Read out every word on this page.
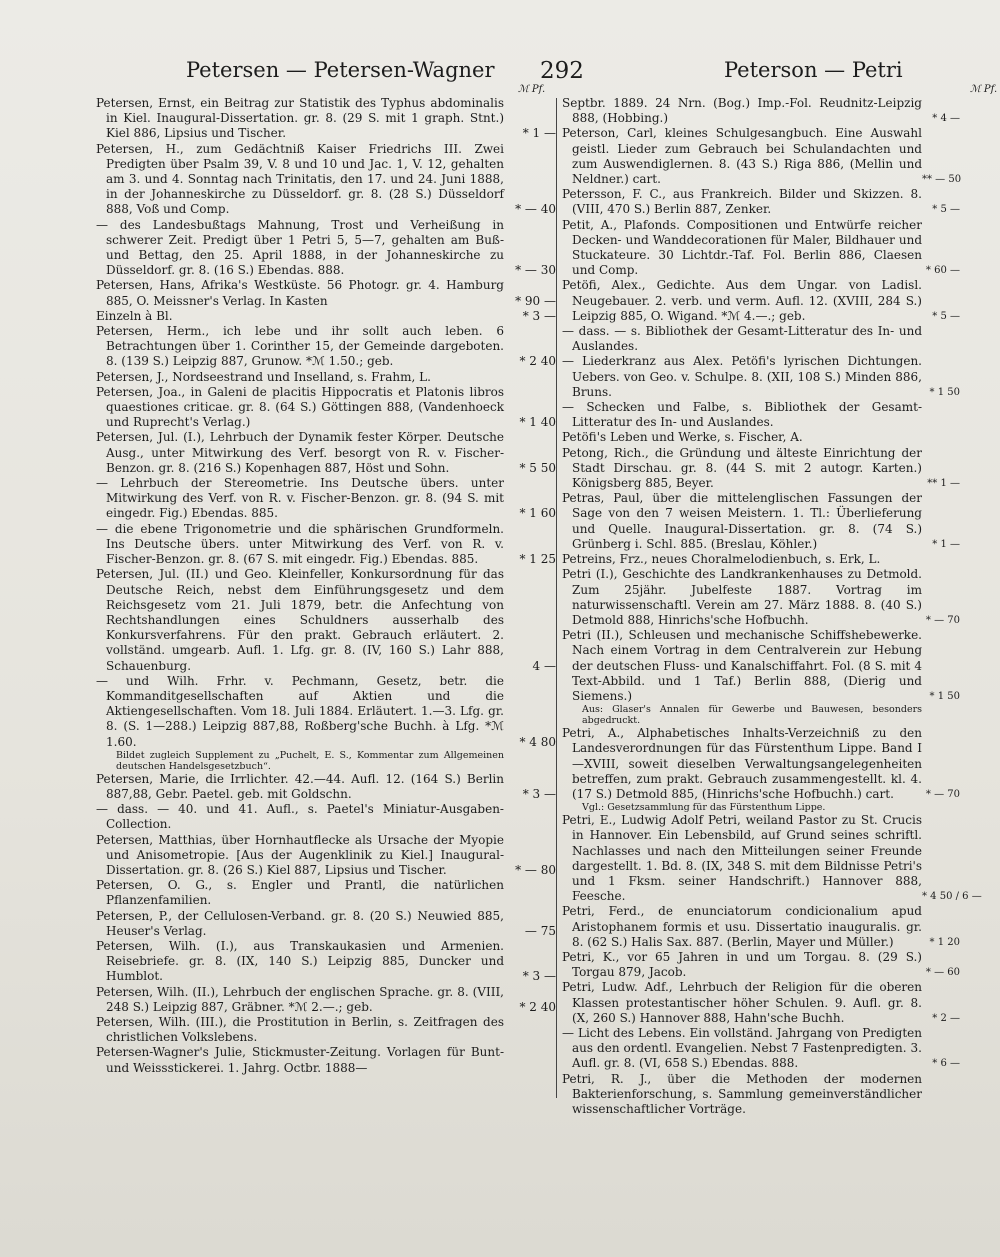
Petersen — Petersen-Wagner 292	Peterson — Petri
ℳ Pf.	ℳ Pf.

Petersen, Ernst, ein Beitrag zur Statistik des Typhus abdominalis in Kiel. Inaugural-Dissertation. gr. 8. (29 S. mit 1 graph. Stnt.) Kiel 886, Lipsius und Tischer.	* 1 —

Petersen, H., zum Gedächtniß Kaiser Friedrichs III. Zwei Predigten über Psalm 39, V. 8 und 10 und Jac. 1, V. 12, gehalten am 3. und 4. Sonntag nach Trinitatis, den 17. und 24. Juni 1888, in der Johanneskirche zu Düsseldorf. gr. 8. (28 S.) Düsseldorf 888, Voß und Comp.	* — 40

— des Landesbußtags Mahnung, Trost und Verheißung in schwerer Zeit. Predigt über 1 Petri 5, 5—7, gehalten am Buß- und Bettag, den 25. April 1888, in der Johanneskirche zu Düsseldorf. gr. 8. (16 S.) Ebendas. 888.	* — 30

Petersen, Hans, Afrika's Westküste. 56 Photogr. gr. 4. Hamburg 885, O. Meissner's Verlag. In Kasten	* 90 —

Einzeln à Bl.	* 3 —

Petersen, Herm., ich lebe und ihr sollt auch leben. 6 Betrachtungen über 1. Corinther 15, der Gemeinde dargeboten. 8. (139 S.) Leipzig 887, Grunow. *ℳ 1.50.; geb.	* 2 40

Petersen, J., Nordseestrand und Inselland, s. Frahm, L.

Petersen, Joa., in Galeni de placitis Hippocratis et Platonis libros quaestiones criticae. gr. 8. (64 S.) Göttingen 888, (Vandenhoeck und Ruprecht's Verlag.)	* 1 40

Petersen, Jul. (I.), Lehrbuch der Dynamik fester Körper. Deutsche Ausg., unter Mitwirkung des Verf. besorgt von R. v. Fischer-Benzon. gr. 8. (216 S.) Kopenhagen 887, Höst und Sohn.	* 5 50

— Lehrbuch der Stereometrie. Ins Deutsche übers. unter Mitwirkung des Verf. von R. v. Fischer-Benzon. gr. 8. (94 S. mit eingedr. Fig.) Ebendas. 885.	* 1 60

— die ebene Trigonometrie und die sphärischen Grundformeln. Ins Deutsche übers. unter Mitwirkung des Verf. von R. v. Fischer-Benzon. gr. 8. (67 S. mit eingedr. Fig.) Ebendas. 885.	* 1 25

Petersen, Jul. (II.) und Geo. Kleinfeller, Konkursordnung für das Deutsche Reich, nebst dem Einführungsgesetz und dem Reichsgesetz vom 21. Juli 1879, betr. die Anfechtung von Rechtshandlungen eines Schuldners ausserhalb des Konkursverfahrens. Für den prakt. Gebrauch erläutert. 2. vollständ. umgearb. Aufl. 1. Lfg. gr. 8. (IV, 160 S.) Lahr 888, Schauenburg.	4 —

— und Wilh. Frhr. v. Pechmann, Gesetz, betr. die Kommanditgesellschaften auf Aktien und die Aktiengesellschaften. Vom 18. Juli 1884. Erläutert. 1.—3. Lfg. gr. 8. (S. 1—288.) Leipzig 887,88, Roßberg'sche Buchh. à Lfg. *ℳ 1.60.	* 4 80

Bildet zugleich Supplement zu „Puchelt, E. S., Kommentar zum Allgemeinen deutschen Handelsgesetzbuch“.

Petersen, Marie, die Irrlichter. 42.—44. Aufl. 12. (164 S.) Berlin 887,88, Gebr. Paetel. geb. mit Goldschn.	* 3 —

— dass. — 40. und 41. Aufl., s. Paetel's Miniatur-Ausgaben-Collection.

Petersen, Matthias, über Hornhautflecke als Ursache der Myopie und Anisometropie. [Aus der Augenklinik zu Kiel.] Inaugural-Dissertation. gr. 8. (26 S.) Kiel 887, Lipsius und Tischer.	* — 80

Petersen, O. G., s. Engler und Prantl, die natürlichen Pflanzenfamilien.

Petersen, P., der Cellulosen-Verband. gr. 8. (20 S.) Neuwied 885, Heuser's Verlag.	— 75

Petersen, Wilh. (I.), aus Transkaukasien und Armenien. Reisebriefe. gr. 8. (IX, 140 S.) Leipzig 885, Duncker und Humblot.	* 3 —

Petersen, Wilh. (II.), Lehrbuch der englischen Sprache. gr. 8. (VIII, 248 S.) Leipzig 887, Gräbner. *ℳ 2.—.; geb.	* 2 40

Petersen, Wilh. (III.), die Prostitution in Berlin, s. Zeitfragen des christlichen Volkslebens.

Petersen-Wagner's Julie, Stickmuster-Zeitung. Vorlagen für Bunt- und Weissstickerei. 1. Jahrg. Octbr. 1888—

Septbr. 1889. 24 Nrn. (Bog.) Imp.-Fol. Reudnitz-Leipzig 888, (Hobbing.)	* 4 —

Peterson, Carl, kleines Schulgesangbuch. Eine Auswahl geistl. Lieder zum Gebrauch bei Schulandachten und zum Auswendiglernen. 8. (43 S.) Riga 886, (Mellin und Neldner.) cart.	** — 50

Petersson, F. C., aus Frankreich. Bilder und Skizzen. 8. (VIII, 470 S.) Berlin 887, Zenker.	* 5 —

Petit, A., Plafonds. Compositionen und Entwürfe reicher Decken- und Wanddecorationen für Maler, Bildhauer und Stuckateure. 30 Lichtdr.-Taf. Fol. Berlin 886, Claesen und Comp.	* 60 —

Petöfi, Alex., Gedichte. Aus dem Ungar. von Ladisl. Neugebauer. 2. verb. und verm. Aufl. 12. (XVIII, 284 S.) Leipzig 885, O. Wigand. *ℳ 4.—.; geb.	* 5 —

— dass. — s. Bibliothek der Gesamt-Litteratur des In- und Auslandes.

— Liederkranz aus Alex. Petöfi's lyrischen Dichtungen. Uebers. von Geo. v. Schulpe. 8. (XII, 108 S.) Minden 886, Bruns.	* 1 50

— Schecken und Falbe, s. Bibliothek der Gesamt-Litteratur des In- und Auslandes.

Petöfi's Leben und Werke, s. Fischer, A.

Petong, Rich., die Gründung und älteste Einrichtung der Stadt Dirschau. gr. 8. (44 S. mit 2 autogr. Karten.) Königsberg 885, Beyer.	** 1 —

Petras, Paul, über die mittelenglischen Fassungen der Sage von den 7 weisen Meistern. 1. Tl.: Überlieferung und Quelle. Inaugural-Dissertation. gr. 8. (74 S.) Grünberg i. Schl. 885. (Breslau, Köhler.)	* 1 —

Petreins, Frz., neues Choralmelodienbuch, s. Erk, L.

Petri (I.), Geschichte des Landkrankenhauses zu Detmold. Zum 25jähr. Jubelfeste 1887. Vortrag im naturwissenschaftl. Verein am 27. März 1888. 8. (40 S.) Detmold 888, Hinrichs'sche Hofbuchh.	* — 70

Petri (II.), Schleusen und mechanische Schiffshebewerke. Nach einem Vortrag in dem Centralverein zur Hebung der deutschen Fluss- und Kanalschiffahrt. Fol. (8 S. mit 4 Text-Abbild. und 1 Taf.) Berlin 888, (Dierig und Siemens.)	* 1 50

Aus: Glaser's Annalen für Gewerbe und Bauwesen, besonders abgedruckt.

Petri, A., Alphabetisches Inhalts-Verzeichniß zu den Landesverordnungen für das Fürstenthum Lippe. Band I—XVIII, soweit dieselben Verwaltungsangelegenheiten betreffen, zum prakt. Gebrauch zusammengestellt. kl. 4. (17 S.) Detmold 885, (Hinrichs'sche Hofbuchh.) cart.	* — 70

Vgl.: Gesetzsammlung für das Fürstenthum Lippe.

Petri, E., Ludwig Adolf Petri, weiland Pastor zu St. Crucis in Hannover. Ein Lebensbild, auf Grund seines schriftl. Nachlasses und nach den Mitteilungen seiner Freunde dargestellt. 1. Bd. 8. (IX, 348 S. mit dem Bildnisse Petri's und 1 Fksm. seiner Handschrift.) Hannover 888, Feesche.	* 4 50 / 6 —

Petri, Ferd., de enunciatorum condicionalium apud Aristophanem formis et usu. Dissertatio inauguralis. gr. 8. (62 S.) Halis Sax. 887. (Berlin, Mayer und Müller.)	* 1 20

Petri, K., vor 65 Jahren in und um Torgau. 8. (29 S.) Torgau 879, Jacob.	* — 60

Petri, Ludw. Adf., Lehrbuch der Religion für die oberen Klassen protestantischer höher Schulen. 9. Aufl. gr. 8. (X, 260 S.) Hannover 888, Hahn'sche Buchh.	* 2 —

— Licht des Lebens. Ein vollständ. Jahrgang von Predigten aus den ordentl. Evangelien. Nebst 7 Fastenpredigten. 3. Aufl. gr. 8. (VI, 658 S.) Ebendas. 888.	* 6 —

Petri, R. J., über die Methoden der modernen Bakterienforschung, s. Sammlung gemeinverständlicher wissenschaftlicher Vorträge.
